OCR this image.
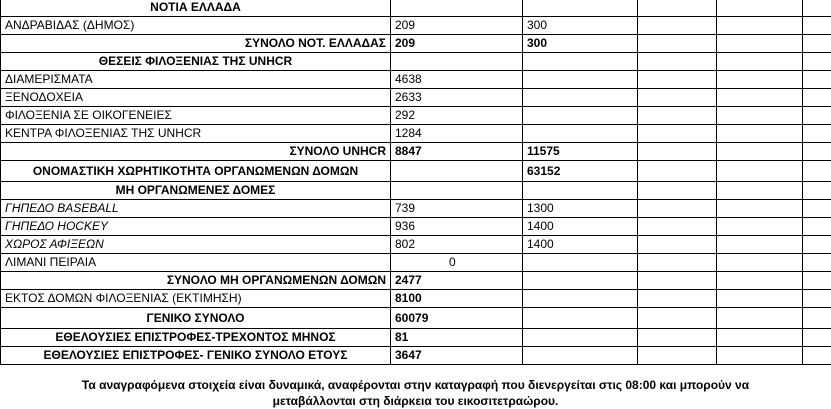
ΝΟΤΙΑ ΕΛΛΑΔΑ					
ΑΝΔΡΑΒΙΔΑΣ (ΔΗΜΟΣ)	209	300			
ΣΥΝΟΛΟ ΝΟΤ. ΕΛΛΑΔΑΣ	209	300			
ΘΕΣΕΙΣ ΦΙΛΟΞΕΝΙΑΣ ΤΗΣ UNHCR					
ΔΙΑΜΕΡΙΣΜΑΤΑ	4638				
ΞΕΝΟΔΟΧΕΙΑ	2633				
ΦΙΛΟΞΕΝΙΑ ΣΕ ΟΙΚΟΓΕΝΕΙΕΣ	292				
ΚΕΝΤΡΑ ΦΙΛΟΞΕΝΙΑΣ ΤΗΣ UNHCR	1284				
ΣΥΝΟΛΟ UNHCR	8847	11575			
ΟΝΟΜΑΣΤΙΚΗ ΧΩΡΗΤΙΚΟΤΗΤΑ ΟΡΓΑΝΩΜΕΝΩΝ ΔΟΜΩΝ		63152			
ΜΗ ΟΡΓΑΝΩΜΕΝΕΣ ΔΟΜΕΣ					
ΓΗΠΕΔΟ BASEBALL	739	1300			
ΓΗΠΕΔΟ HOCKEY	936	1400			
ΧΩΡΟΣ ΑΦΙΞΕΩΝ	802	1400			
ΛΙΜΑΝΙ ΠΕΙΡΑΙΑ	0				
ΣΥΝΟΛΟ ΜΗ ΟΡΓΑΝΩΜΕΝΩΝ ΔΟΜΩΝ	2477				
ΕΚΤΟΣ ΔΟΜΩΝ ΦΙΛΟΞΕΝΙΑΣ (ΕΚΤΙΜΗΣΗ)	8100				
ΓΕΝΙΚΟ ΣΥΝΟΛΟ	60079				
ΕΘΕΛΟΥΣΙΕΣ ΕΠΙΣΤΡΟΦΕΣ-ΤΡΕΧΟΝΤΟΣ ΜΗΝΟΣ	81				
ΕΘΕΛΟΥΣΙΕΣ ΕΠΙΣΤΡΟΦΕΣ- ΓΕΝΙΚΟ ΣΥΝΟΛΟ ΕΤΟΥΣ	3647				
Τα αναγραφόμενα στοιχεία είναι δυναμικά, αναφέρονται στην καταγραφή που διενεργείται στις 08:00 και μπορούν να
μεταβάλλονται στη διάρκεια του εικοσιτετραώρου.
